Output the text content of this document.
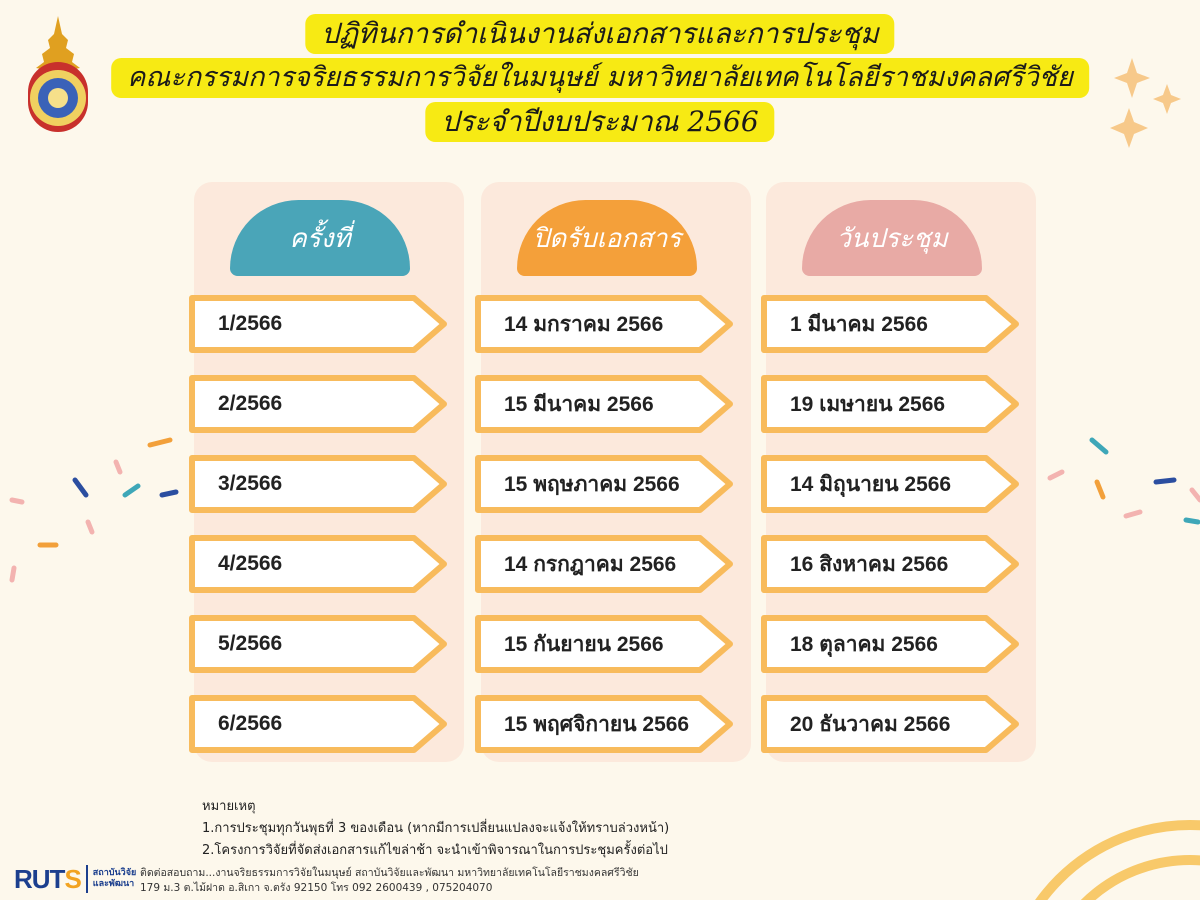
ปฏิทินการดำเนินงานส่งเอกสารและการประชุม
คณะกรรมการจริยธรรมการวิจัยในมนุษย์ มหาวิทยาลัยเทคโนโลยีราชมงคลศรีวิชัย
ประจำปีงบประมาณ 2566
ครั้งที่	ปิดรับเอกสาร	วันประชุม
1/2566
2/2566
3/2566
4/2566
5/2566
6/2566
14 มกราคม 2566
15 มีนาคม 2566
15 พฤษภาคม 2566
14 กรกฎาคม 2566
15 กันยายน 2566
15 พฤศจิกายน 2566
1 มีนาคม 2566
19 เมษายน 2566
14 มิถุนายน 2566
16 สิงหาคม 2566
18 ตุลาคม 2566
20 ธันวาคม 2566
หมายเหตุ
1.การประชุมทุกวันพุธที่ 3 ของเดือน (หากมีการเปลี่ยนแปลงจะแจ้งให้ทราบล่วงหน้า)
2.โครงการวิจัยที่จัดส่งเอกสารแก้ไขล่าช้า จะนำเข้าพิจารณาในการประชุมครั้งต่อไป
RUTS สถาบันวิจัย
และพัฒนา
ติดต่อสอบถาม...งานจริยธรรมการวิจัยในมนุษย์ สถาบันวิจัยและพัฒนา มหาวิทยาลัยเทคโนโลยีราชมงคลศรีวิชัย
179 ม.3 ต.ไม้ฝาด อ.สิเกา จ.ตรัง 92150 โทร 092 2600439 , 075204070
